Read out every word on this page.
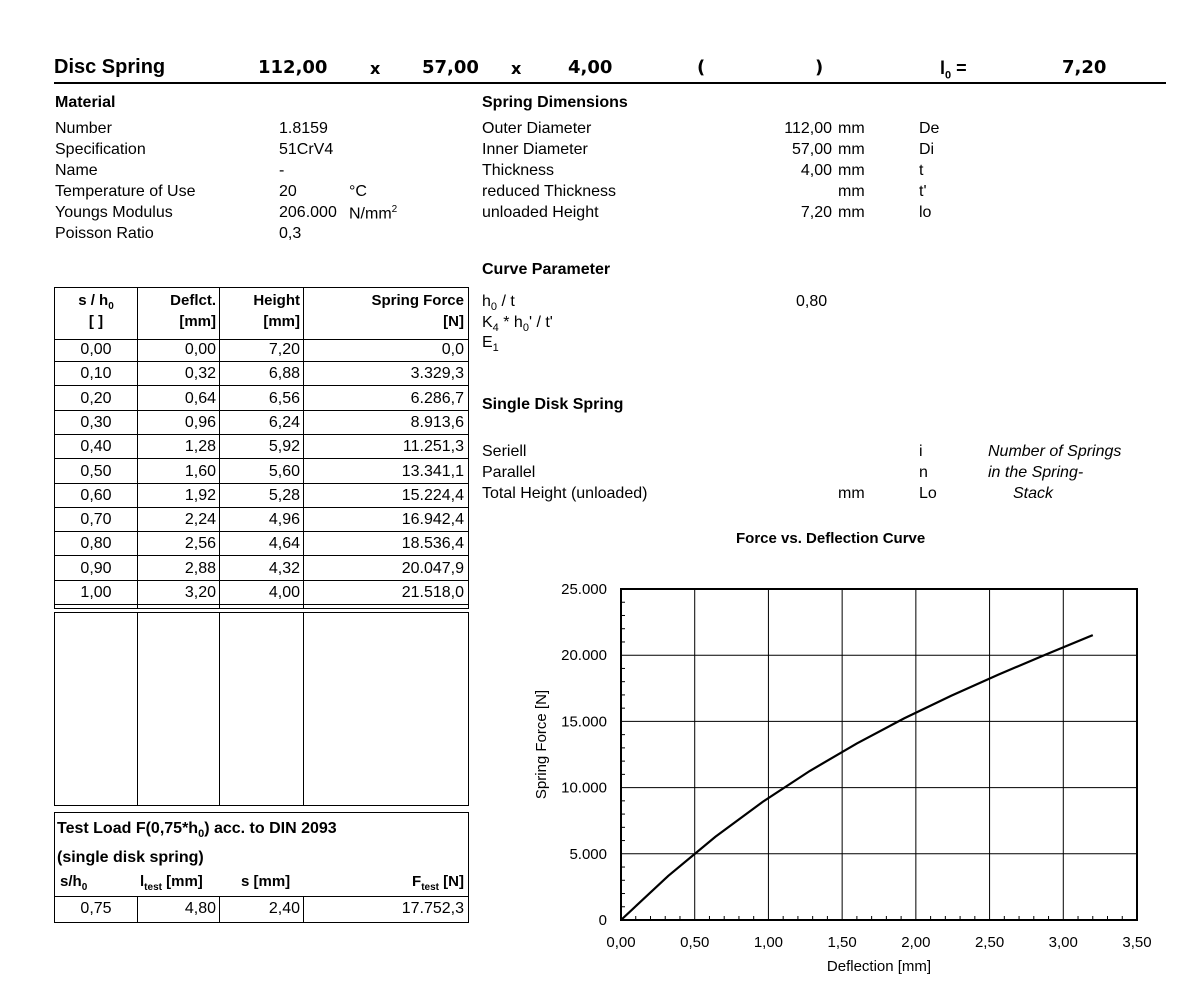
Disc Spring	112,00	x 57,00 x	4,00	(	)	$l_0$ =	7,20
Material
Number	1.8159
Specification	51CrV4
Name	-
Temperature of Use	20	°C
Youngs Modulus	206.000 $N/mm^2$
Poisson Ratio	0,3
Spring Dimensions
Outer Diameter	112,00 mm	De
Inner Diameter	57,00 mm	Di
Thickness	4,00 mm	t
reduced Thickness	mm	t'
unloaded Height	7,20 mm	lo
Curve Parameter
$h_0$ / t	0,80
$K_4 * h_0'$ / t'
$E_1$
Single Disk Spring
Seriell	i	Number of Springs
Parallel	n	in the Spring-
Total Height (unloaded)	mm	Lo	Stack
s / $h_0$	Deflct.	Height	Spring Force
[ ]	[mm]	[mm]	[N]
0,00	0,00	7,20	0,0
0,10	0,32	6,88	3.329,3
0,20	0,64	6,56	6.286,7
0,30	0,96	6,24	8.913,6
0,40	1,28	5,92	11.251,3
0,50	1,60	5,60	13.341,1
0,60	1,92	5,28	15.224,4
0,70	2,24	4,96	16.942,4
0,80	2,56	4,64	18.536,4
0,90	2,88	4,32	20.047,9
1,00	3,20	4,00	21.518,0
Test Load $F(0,75*h_0)$ acc. to DIN 2093
(single disk spring)
$s/h_0$	$l_{test}$ [mm]	s [mm]	$F_{test}$ [N]
0,75	4,80	2,40	17.752,3
Force vs. Deflection Curve
0,00	0,50	1,00	1,50	2,00	2,50	3,00	3,50
0
5.000
10.000
15.000
20.000
25.000
Deflection [mm]
Spring Force [N]
